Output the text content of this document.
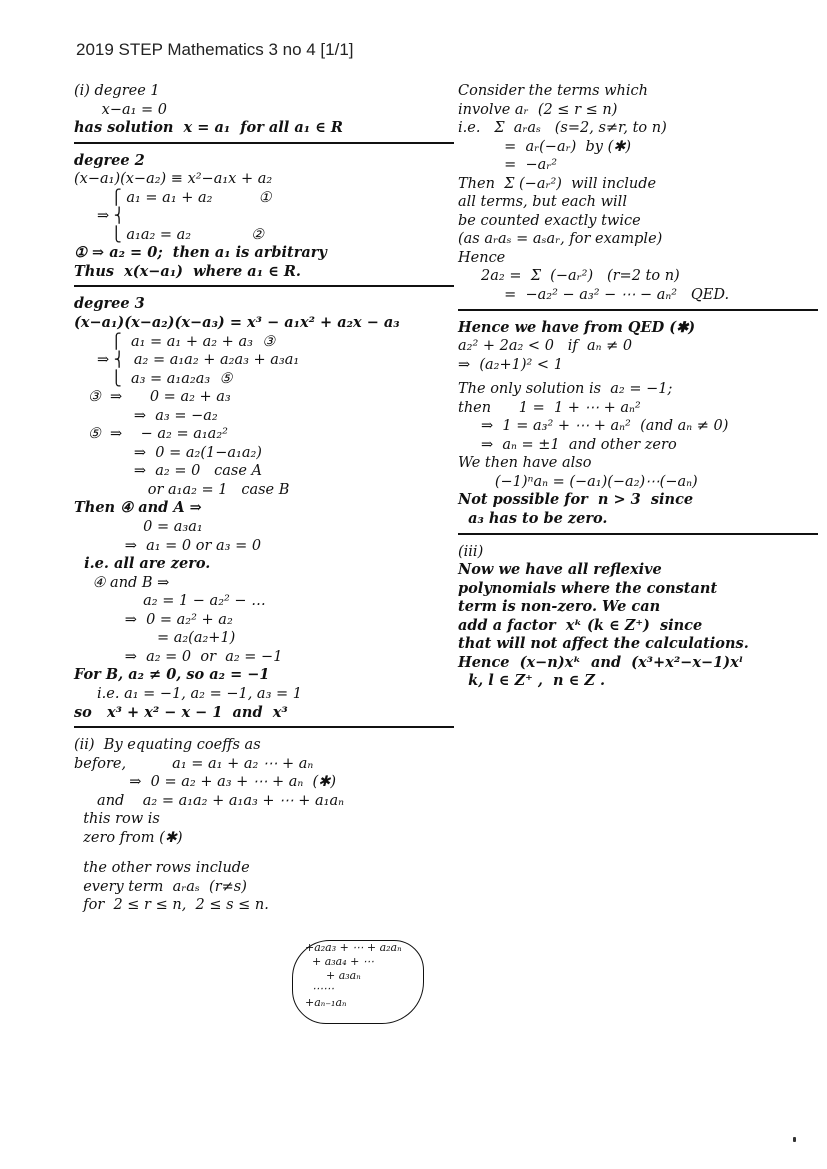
2019 STEP Mathematics 3 no 4 [1/1]
(i) degree 1
x−a₁ = 0
has solution  x = a₁  for all a₁ ∈ R
degree 2
(x−a₁)(x−a₂) ≡ x²−a₁x + a₂
⎧ a₁ = a₁ + a₂          ①
⇒ ⎨
⎩ a₁a₂ = a₂             ②
① ⇒ a₂ = 0;  then a₁ is arbitrary
Thus  x(x−a₁)  where a₁ ∈ R.
degree 3
(x−a₁)(x−a₂)(x−a₃) = x³ − a₁x² + a₂x − a₃
⎧  a₁ = a₁ + a₂ + a₃  ③
⇒ ⎨  a₂ = a₁a₂ + a₂a₃ + a₃a₁
⎩  a₃ = a₁a₂a₃  ⑤
③  ⇒      0 = a₂ + a₃
⇒  a₃ = −a₂
⑤  ⇒    − a₂ = a₁a₂²
⇒  0 = a₂(1−a₁a₂)
⇒  a₂ = 0   case A
or a₁a₂ = 1   case B
Then ④ and A ⇒
0 = a₃a₁
⇒  a₁ = 0 or a₃ = 0
i.e. all are zero.
④ and B ⇒
a₂ = 1 − a₂² − …
⇒  0 = a₂² + a₂
= a₂(a₂+1)
⇒  a₂ = 0  or  a₂ = −1
For B, a₂ ≠ 0, so a₂ = −1
i.e. a₁ = −1, a₂ = −1, a₃ = 1
so   x³ + x² − x − 1  and  x³
(ii)  By equating coeffs as
before,          a₁ = a₁ + a₂ ⋯ + aₙ
⇒  0 = a₂ + a₃ + ⋯ + aₙ  (✱)
and    a₂ = a₁a₂ + a₁a₃ + ⋯ + a₁aₙ
this row is
zero from (✱)
the other rows include
every term  aᵣaₛ  (r≠s)
for  2 ≤ r ≤ n,  2 ≤ s ≤ n.
Consider the terms which
involve aᵣ  (2 ≤ r ≤ n)
i.e.   Σ  aᵣaₛ   (s=2, s≠r, to n)
=  aᵣ(−aᵣ)  by (✱)
=  −aᵣ²
Then  Σ (−aᵣ²)  will include
all terms, but each will
be counted exactly twice
(as aᵣaₛ = aₛaᵣ, for example)
Hence
2a₂ =  Σ  (−aᵣ²)   (r=2 to n)
=  −a₂² − a₃² − ⋯ − aₙ²   QED.
Hence we have from QED (✱)
a₂² + 2a₂ < 0   if  aₙ ≠ 0
⇒  (a₂+1)² < 1
The only solution is  a₂ = −1;
then      1 =  1 + ⋯ + aₙ²
⇒  1 = a₃² + ⋯ + aₙ²  (and aₙ ≠ 0)
⇒  aₙ = ±1  and other zero
We then have also
(−1)ⁿaₙ = (−a₁)(−a₂)⋯(−aₙ)
Not possible for  n > 3  since
a₃ has to be zero.
(iii)
Now we have all reflexive
polynomials where the constant
term is non-zero. We can
add a factor  xᵏ (k ∈ Z⁺)  since
that will not affect the calculations.
Hence  (x−n)xᵏ  and  (x³+x²−x−1)xˡ
k, l ∈ Z⁺ ,  n ∈ Z .
+a₂a₃ + ⋯ + a₂aₙ
+ a₃a₄ + ⋯
+ a₃aₙ
⋯⋯
+aₙ₋₁aₙ
